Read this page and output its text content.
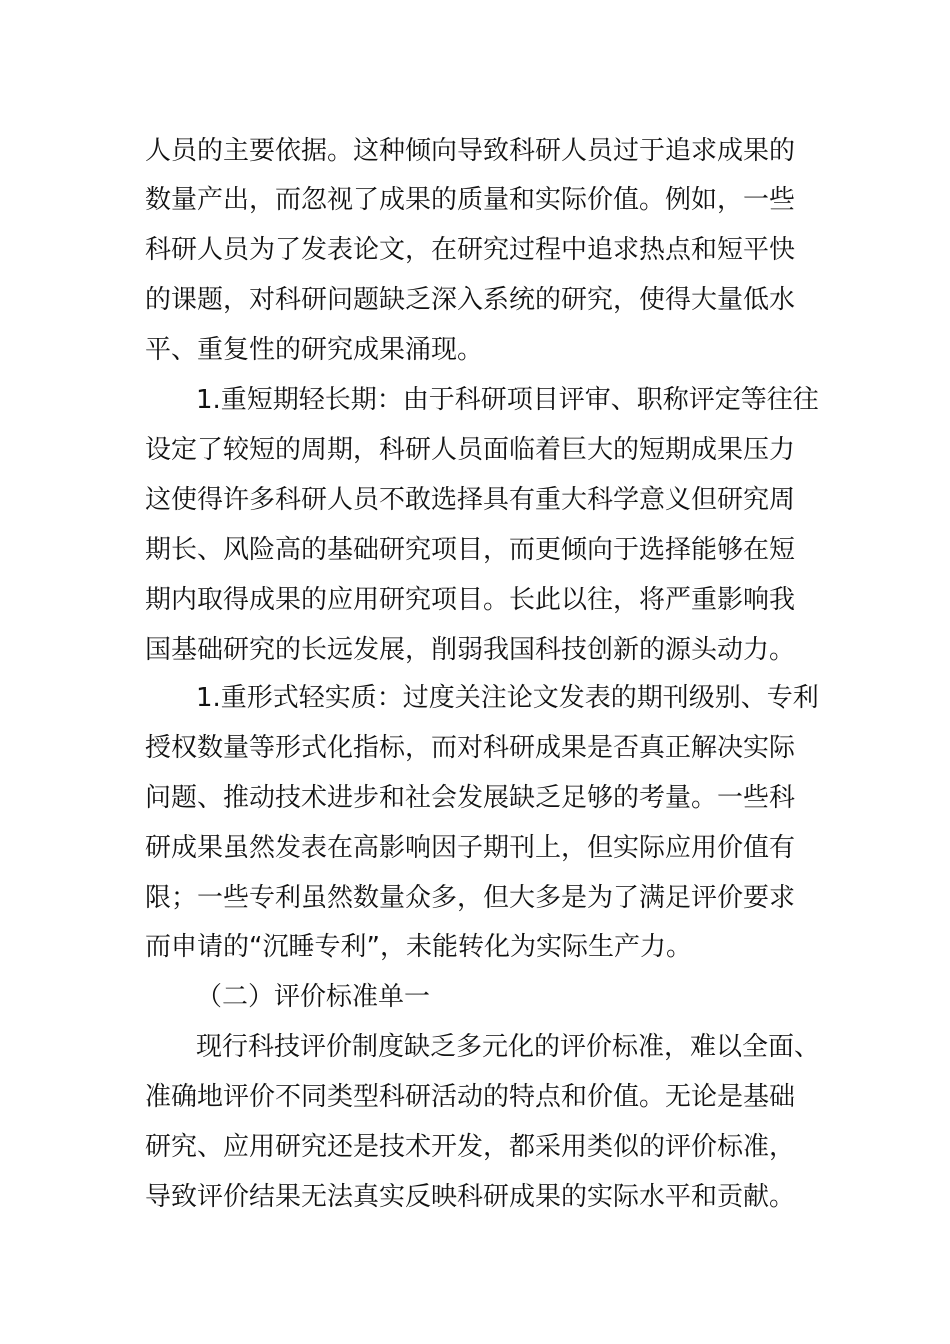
人员的主要依据。这种倾向导致科研人员过于追求成果的
数量产出，而忽视了成果的质量和实际价值。例如，一些
科研人员为了发表论文，在研究过程中追求热点和短平快
的课题，对科研问题缺乏深入系统的研究，使得大量低水
平、重复性的研究成果涌现。
1.重短期轻长期：由于科研项目评审、职称评定等往往
设定了较短的周期，科研人员面临着巨大的短期成果压力
这使得许多科研人员不敢选择具有重大科学意义但研究周
期长、风险高的基础研究项目，而更倾向于选择能够在短
期内取得成果的应用研究项目。长此以往，将严重影响我
国基础研究的长远发展，削弱我国科技创新的源头动力。
1.重形式轻实质：过度关注论文发表的期刊级别、专利
授权数量等形式化指标，而对科研成果是否真正解决实际
问题、推动技术进步和社会发展缺乏足够的考量。一些科
研成果虽然发表在高影响因子期刊上，但实际应用价值有
限；一些专利虽然数量众多，但大多是为了满足评价要求
而申请的“沉睡专利”，未能转化为实际生产力。
（二）评价标准单一
现行科技评价制度缺乏多元化的评价标准，难以全面、
准确地评价不同类型科研活动的特点和价值。无论是基础
研究、应用研究还是技术开发，都采用类似的评价标准，
导致评价结果无法真实反映科研成果的实际水平和贡献。
